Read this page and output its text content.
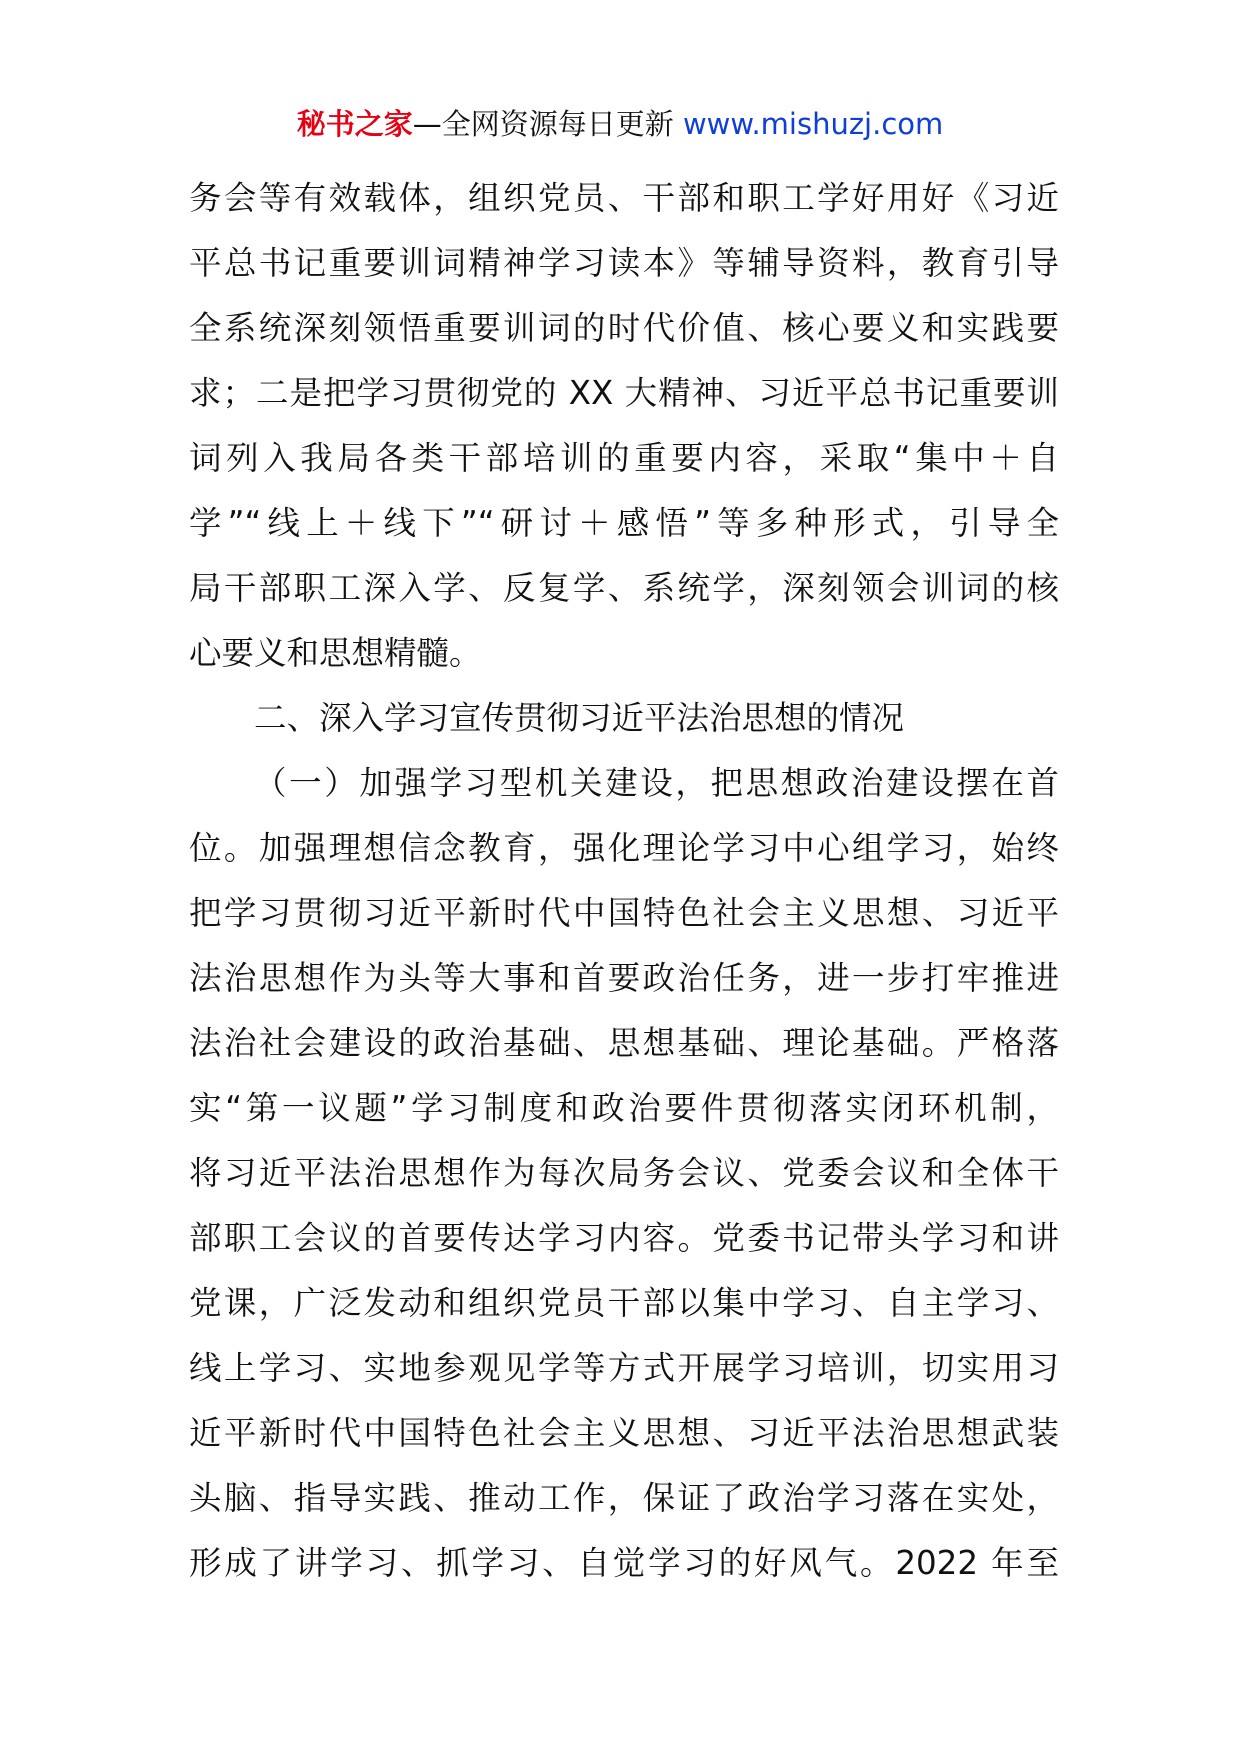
秘书之家—全网资源每日更新 www.mishuzj.com
务会等有效载体，组织党员、干部和职工学好用好《习近
平总书记重要训词精神学习读本》等辅导资料，教育引导
全系统深刻领悟重要训词的时代价值、核心要义和实践要
求；二是把学习贯彻党的 XX 大精神、习近平总书记重要训
词列入我局各类干部培训的重要内容，采取“集中＋自
学”“线上＋线下”“研讨＋感悟”等多种形式，引导全
局干部职工深入学、反复学、系统学，深刻领会训词的核
心要义和思想精髓。
二、深入学习宣传贯彻习近平法治思想的情况
（一）加强学习型机关建设，把思想政治建设摆在首
位。加强理想信念教育，强化理论学习中心组学习，始终
把学习贯彻习近平新时代中国特色社会主义思想、习近平
法治思想作为头等大事和首要政治任务，进一步打牢推进
法治社会建设的政治基础、思想基础、理论基础。严格落
实“第一议题”学习制度和政治要件贯彻落实闭环机制，
将习近平法治思想作为每次局务会议、党委会议和全体干
部职工会议的首要传达学习内容。党委书记带头学习和讲
党课，广泛发动和组织党员干部以集中学习、自主学习、
线上学习、实地参观见学等方式开展学习培训，切实用习
近平新时代中国特色社会主义思想、习近平法治思想武装
头脑、指导实践、推动工作，保证了政治学习落在实处，
形成了讲学习、抓学习、自觉学习的好风气。2022 年至
